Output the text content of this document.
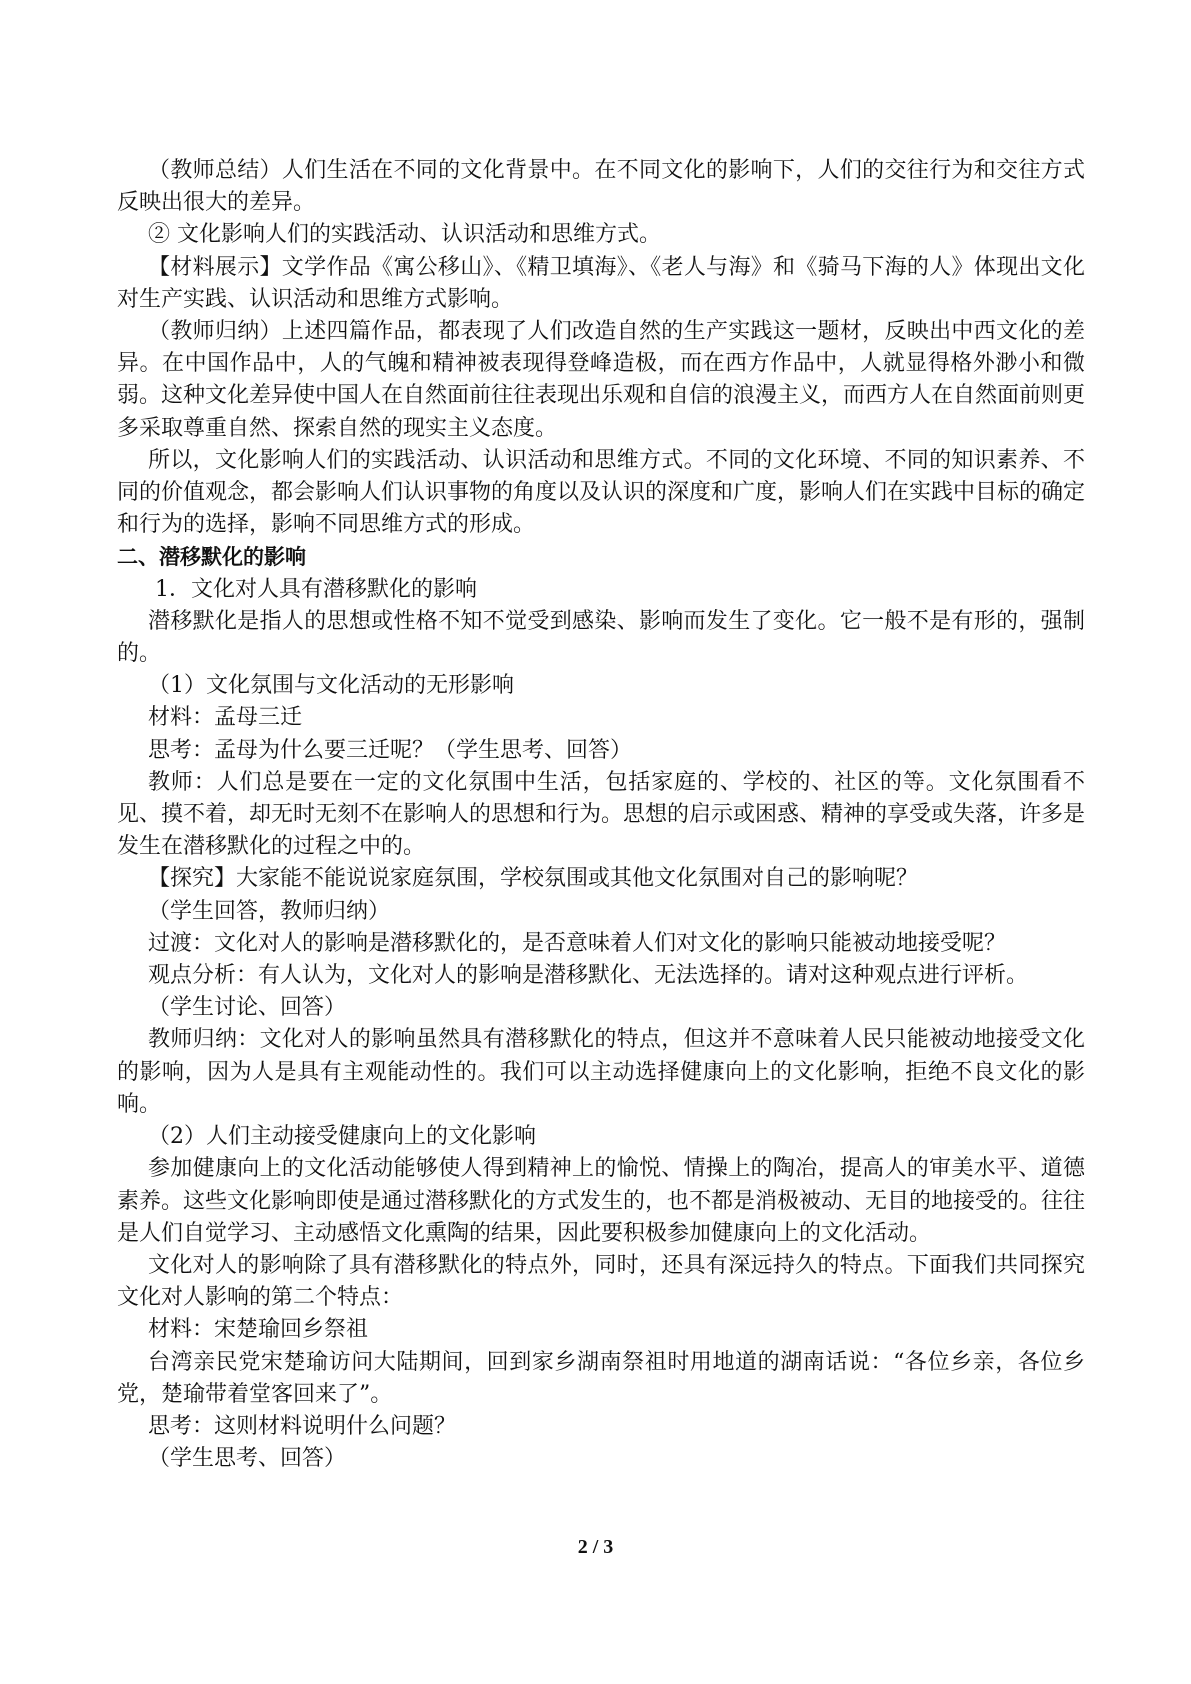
（教师总结）人们生活在不同的文化背景中。在不同文化的影响下，人们的交往行为和交往方式反映出很大的差异。

② 文化影响人们的实践活动、认识活动和思维方式。

【材料展示】文学作品《寓公移山》、《精卫填海》、《老人与海》和《骑马下海的人》体现出文化对生产实践、认识活动和思维方式影响。

（教师归纳）上述四篇作品，都表现了人们改造自然的生产实践这一题材，反映出中西文化的差异。在中国作品中，人的气魄和精神被表现得登峰造极，而在西方作品中，人就显得格外渺小和微弱。这种文化差异使中国人在自然面前往往表现出乐观和自信的浪漫主义，而西方人在自然面前则更多采取尊重自然、探索自然的现实主义态度。

所以，文化影响人们的实践活动、认识活动和思维方式。不同的文化环境、不同的知识素养、不同的价值观念，都会影响人们认识事物的角度以及认识的深度和广度，影响人们在实践中目标的确定和行为的选择，影响不同思维方式的形成。

二、潜移默化的影响

1．文化对人具有潜移默化的影响

潜移默化是指人的思想或性格不知不觉受到感染、影响而发生了变化。它一般不是有形的，强制的。

（1）文化氛围与文化活动的无形影响

材料：孟母三迁

思考：孟母为什么要三迁呢？（学生思考、回答）

教师：人们总是要在一定的文化氛围中生活，包括家庭的、学校的、社区的等。文化氛围看不见、摸不着，却无时无刻不在影响人的思想和行为。思想的启示或困惑、精神的享受或失落，许多是发生在潜移默化的过程之中的。

【探究】大家能不能说说家庭氛围，学校氛围或其他文化氛围对自己的影响呢？

（学生回答，教师归纳）

过渡：文化对人的影响是潜移默化的，是否意味着人们对文化的影响只能被动地接受呢？

观点分析：有人认为，文化对人的影响是潜移默化、无法选择的。请对这种观点进行评析。

（学生讨论、回答）

教师归纳：文化对人的影响虽然具有潜移默化的特点，但这并不意味着人民只能被动地接受文化的影响，因为人是具有主观能动性的。我们可以主动选择健康向上的文化影响，拒绝不良文化的影响。

（2）人们主动接受健康向上的文化影响

参加健康向上的文化活动能够使人得到精神上的愉悦、情操上的陶冶，提高人的审美水平、道德素养。这些文化影响即使是通过潜移默化的方式发生的，也不都是消极被动、无目的地接受的。往往是人们自觉学习、主动感悟文化熏陶的结果，因此要积极参加健康向上的文化活动。

文化对人的影响除了具有潜移默化的特点外，同时，还具有深远持久的特点。下面我们共同探究文化对人影响的第二个特点：

材料：宋楚瑜回乡祭祖

台湾亲民党宋楚瑜访问大陆期间，回到家乡湖南祭祖时用地道的湖南话说：“各位乡亲，各位乡党，楚瑜带着堂客回来了”。

思考：这则材料说明什么问题？

（学生思考、回答）

2 / 3
